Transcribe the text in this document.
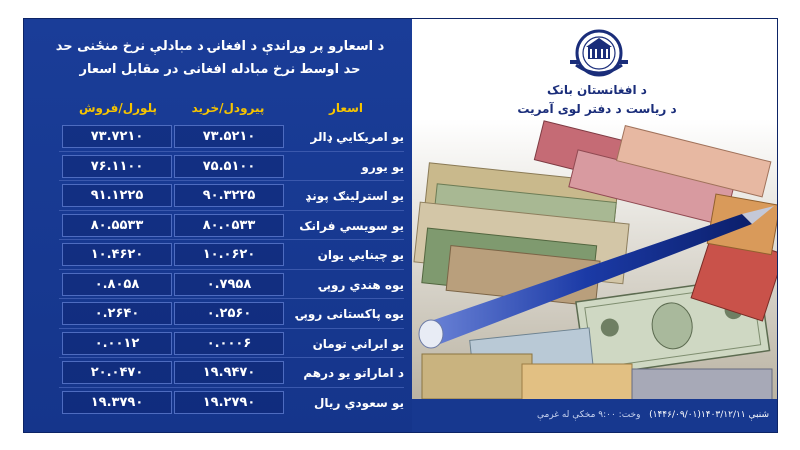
د اسعارو پر وړاندې د افغانۍ د مبادلې نرخ منځنی حد
حد اوسط نرخ مبادله افغانی در مقابل اسعار
اسعار
پیرودل/خرید
پلورل/فروش
یو امریکایي ډالر
۷۳.۵۲۱۰
۷۳.۷۲۱۰
یو یورو
۷۵.۵۱۰۰
۷۶.۱۱۰۰
یو استرلینګ پونډ
۹۰.۳۲۲۵
۹۱.۱۲۲۵
یو سویسي فرانک
۸۰.۰۵۳۳
۸۰.۵۵۳۳
یو چینایي یوان
۱۰.۰۶۲۰
۱۰.۴۶۲۰
یوه هندي روپۍ
۰.۷۹۵۸
۰.۸۰۵۸
یوه پاکستانی روپۍ
۰.۲۵۶۰
۰.۲۶۴۰
یو ایراني تومان
۰.۰۰۰۶
۰.۰۰۱۲
د اماراتو یو درهم
۱۹.۹۴۷۰
۲۰.۰۴۷۰
یو سعودي ریال
۱۹.۲۷۹۰
۱۹.۳۷۹۰
د افغانستان بانک
د ریاست د دفتر لوی آمریت
وخت: ۹:۰۰ مخکې له غرمې شنبې ۱۴۰۳/۱۲/۱۱(۱۴۴۶/۰۹/۰۱)
